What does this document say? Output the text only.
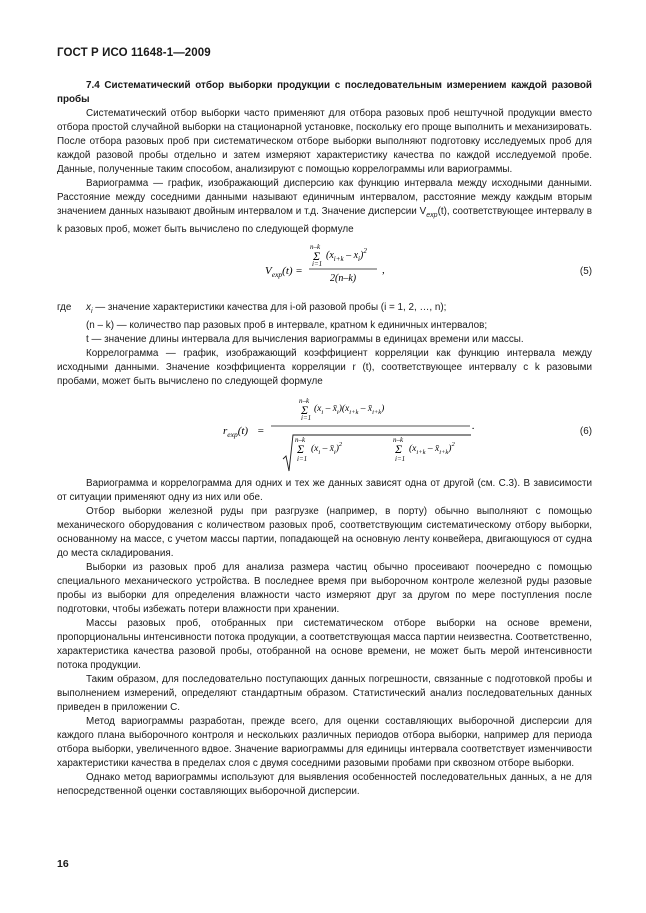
ГОСТ Р ИСО 11648-1—2009

7.4 Систематический отбор выборки продукции с последовательным измерением каждой разовой пробы

Систематический отбор выборки часто применяют для отбора разовых проб нештучной продукции вместо отбора простой случайной выборки на стационарной установке, поскольку его проще выполнить и механизировать. После отбора разовых проб при систематическом отборе выборки выполняют подготовку исследуемых проб для каждой разовой пробы отдельно и затем измеряют характеристику качества по каждой исследуемой пробе. Данные, полученные таким способом, анализируют с помощью коррелограммы или вариограммы.

Вариограмма — график, изображающий дисперсию как функцию интервала между исходными данными. Расстояние между соседними данными называют единичным интервалом, расстояние между каждым вторым значением данных называют двойным интервалом и т.д. Значение дисперсии $V_{exp}(t)$, соответствующее интервалу в k разовых проб, может быть вычислено по следующей формуле

$V_{exp}(t)$ =
n–k
Σ
i=1
$(x_{i+k} - x_i)^2$
2(n–k)
,	(5)
где $x_i$ — значение характеристики качества для i-ой разовой пробы (i = 1, 2, …, n);

(n – k) — количество пар разовых проб в интервале, кратном k единичных интервалов;

t — значение длины интервала для вычисления вариограммы в единицах времени или массы.

Коррелограмма — график, изображающий коэффициент корреляции как функцию интервала между исходными данными. Значение коэффициента корреляции r (t), соответствующее интервалу с k разовыми пробами, может быть вычислено по следующей формуле

$r_{exp}(t)$ =
n–k
Σ
i=1
($x_i$ – $x̄_i)(x_{i+k}$ – $x̄_{i+k}$)
n–k
Σ
i=1
($x_i$ – $x̄_i)^2$
n–k
Σ
i=1
($x_{i+k}$ – $x̄_{i+k})^2$
.	(6)

Вариограмма и коррелограмма для одних и тех же данных зависят одна от другой (см. С.3). В зависимости от ситуации применяют одну из них или обе.

Отбор выборки железной руды при разгрузке (например, в порту) обычно выполняют с помощью механического оборудования с количеством разовых проб, соответствующим систематическому отбору выборки, основанному на массе, с учетом массы партии, попадающей на основную ленту конвейера, двигающуюся от судна до места складирования.

Выборки из разовых проб для анализа размера частиц обычно просеивают поочередно с помощью специального механического устройства. В последнее время при выборочном контроле железной руды разовые пробы из выборки для определения влажности часто измеряют друг за другом по мере поступления после подготовки, чтобы избежать потери влажности при хранении.

Массы разовых проб, отобранных при систематическом отборе выборки на основе времени, пропорциональны интенсивности потока продукции, а соответствующая масса партии неизвестна. Соответственно, характеристика качества разовой пробы, отобранной на основе времени, не может быть мерой интенсивности потока продукции.

Таким образом, для последовательно поступающих данных погрешности, связанные с подготовкой пробы и выполнением измерений, определяют стандартным образом. Статистический анализ последовательных данных приведен в приложении С.

Метод вариограммы разработан, прежде всего, для оценки составляющих выборочной дисперсии для каждого плана выборочного контроля и нескольких различных периодов отбора выборки, например для периода отбора выборки, увеличенного вдвое. Значение вариограммы для единицы интервала соответствует изменчивости характеристики качества в пределах слоя с двумя соседними разовыми пробами при сквозном отборе выборки.

Однако метод вариограммы используют для выявления особенностей последовательных данных, а не для непосредственной оценки составляющих выборочной дисперсии.

16
